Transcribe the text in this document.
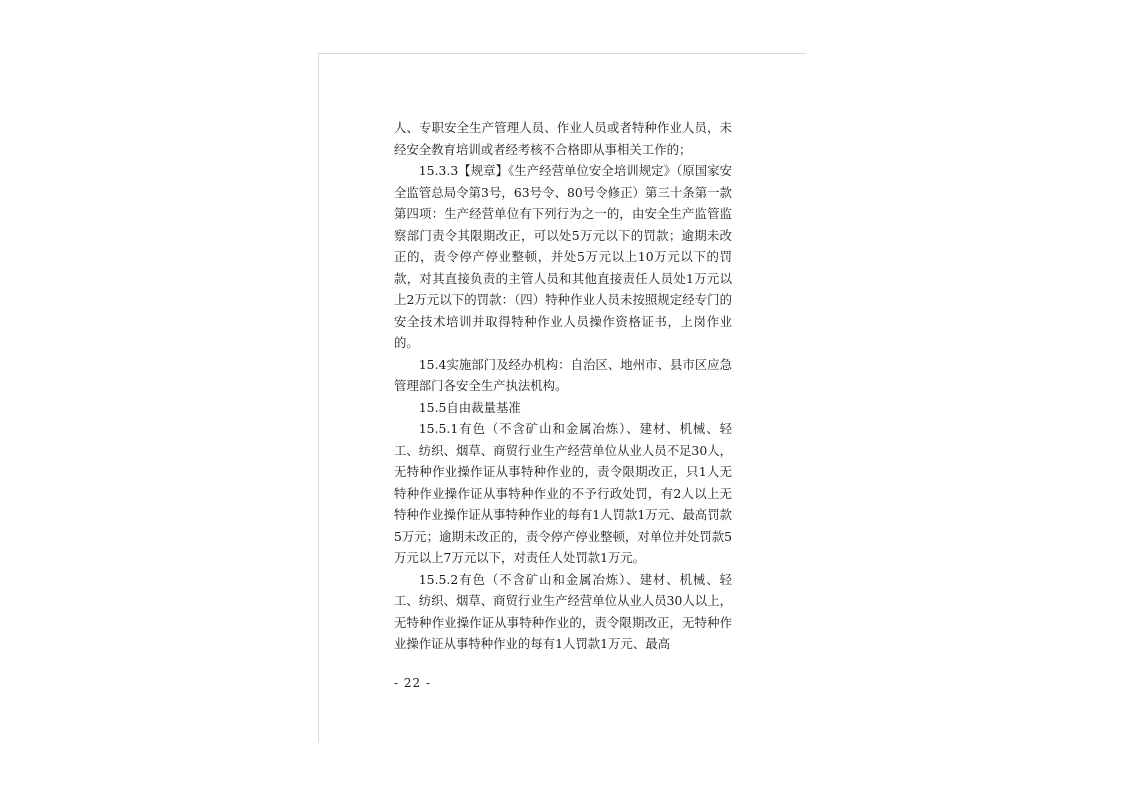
人、专职安全生产管理人员、作业人员或者特种作业人员，未经安全教育培训或者经考核不合格即从事相关工作的；

15.3.3【规章】《生产经营单位安全培训规定》（原国家安全监管总局令第3号，63号令、80号令修正）第三十条第一款第四项：生产经营单位有下列行为之一的，由安全生产监管监察部门责令其限期改正，可以处5万元以下的罚款；逾期未改正的，责令停产停业整顿，并处5万元以上10万元以下的罚款，对其直接负责的主管人员和其他直接责任人员处1万元以上2万元以下的罚款：（四）特种作业人员未按照规定经专门的安全技术培训并取得特种作业人员操作资格证书，上岗作业的。

15.4实施部门及经办机构：自治区、地州市、县市区应急管理部门各安全生产执法机构。

15.5自由裁量基准

15.5.1有色（不含矿山和金属冶炼）、建材、机械、轻工、纺织、烟草、商贸行业生产经营单位从业人员不足30人，无特种作业操作证从事特种作业的，责令限期改正，只1人无特种作业操作证从事特种作业的不予行政处罚，有2人以上无特种作业操作证从事特种作业的每有1人罚款1万元、最高罚款5万元；逾期未改正的，责令停产停业整顿，对单位并处罚款5万元以上7万元以下，对责任人处罚款1万元。

15.5.2有色（不含矿山和金属冶炼）、建材、机械、轻工、纺织、烟草、商贸行业生产经营单位从业人员30人以上，无特种作业操作证从事特种作业的，责令限期改正，无特种作业操作证从事特种作业的每有1人罚款1万元、最高

- 22 -
